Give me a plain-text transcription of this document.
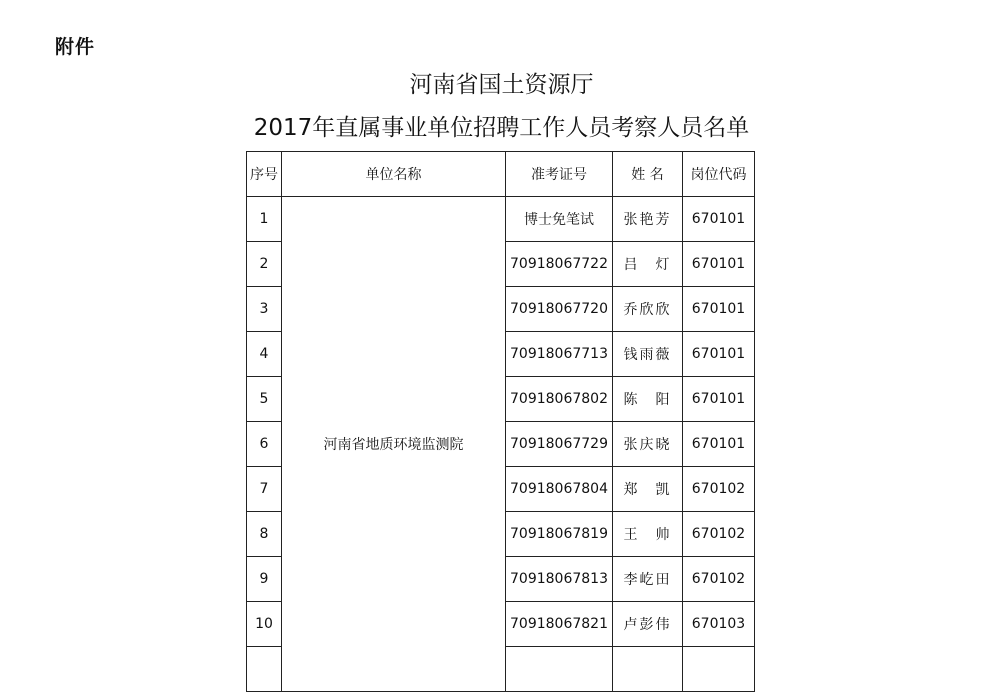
附件
河南省国土资源厅
2017年直属事业单位招聘工作人员考察人员名单
序号	单位名称	准考证号	姓 名	岗位代码
1	河南省地质环境监测院	博士免笔试	张艳芳	670101
2		70918067722	吕　灯	670101
3		70918067720	乔欣欣	670101
4		70918067713	钱雨薇	670101
5		70918067802	陈　阳	670101
6		70918067729	张庆晓	670101
7		70918067804	郑　凯	670102
8		70918067819	王　帅	670102
9		70918067813	李屹田	670102
10		70918067821	卢彭伟	670103
